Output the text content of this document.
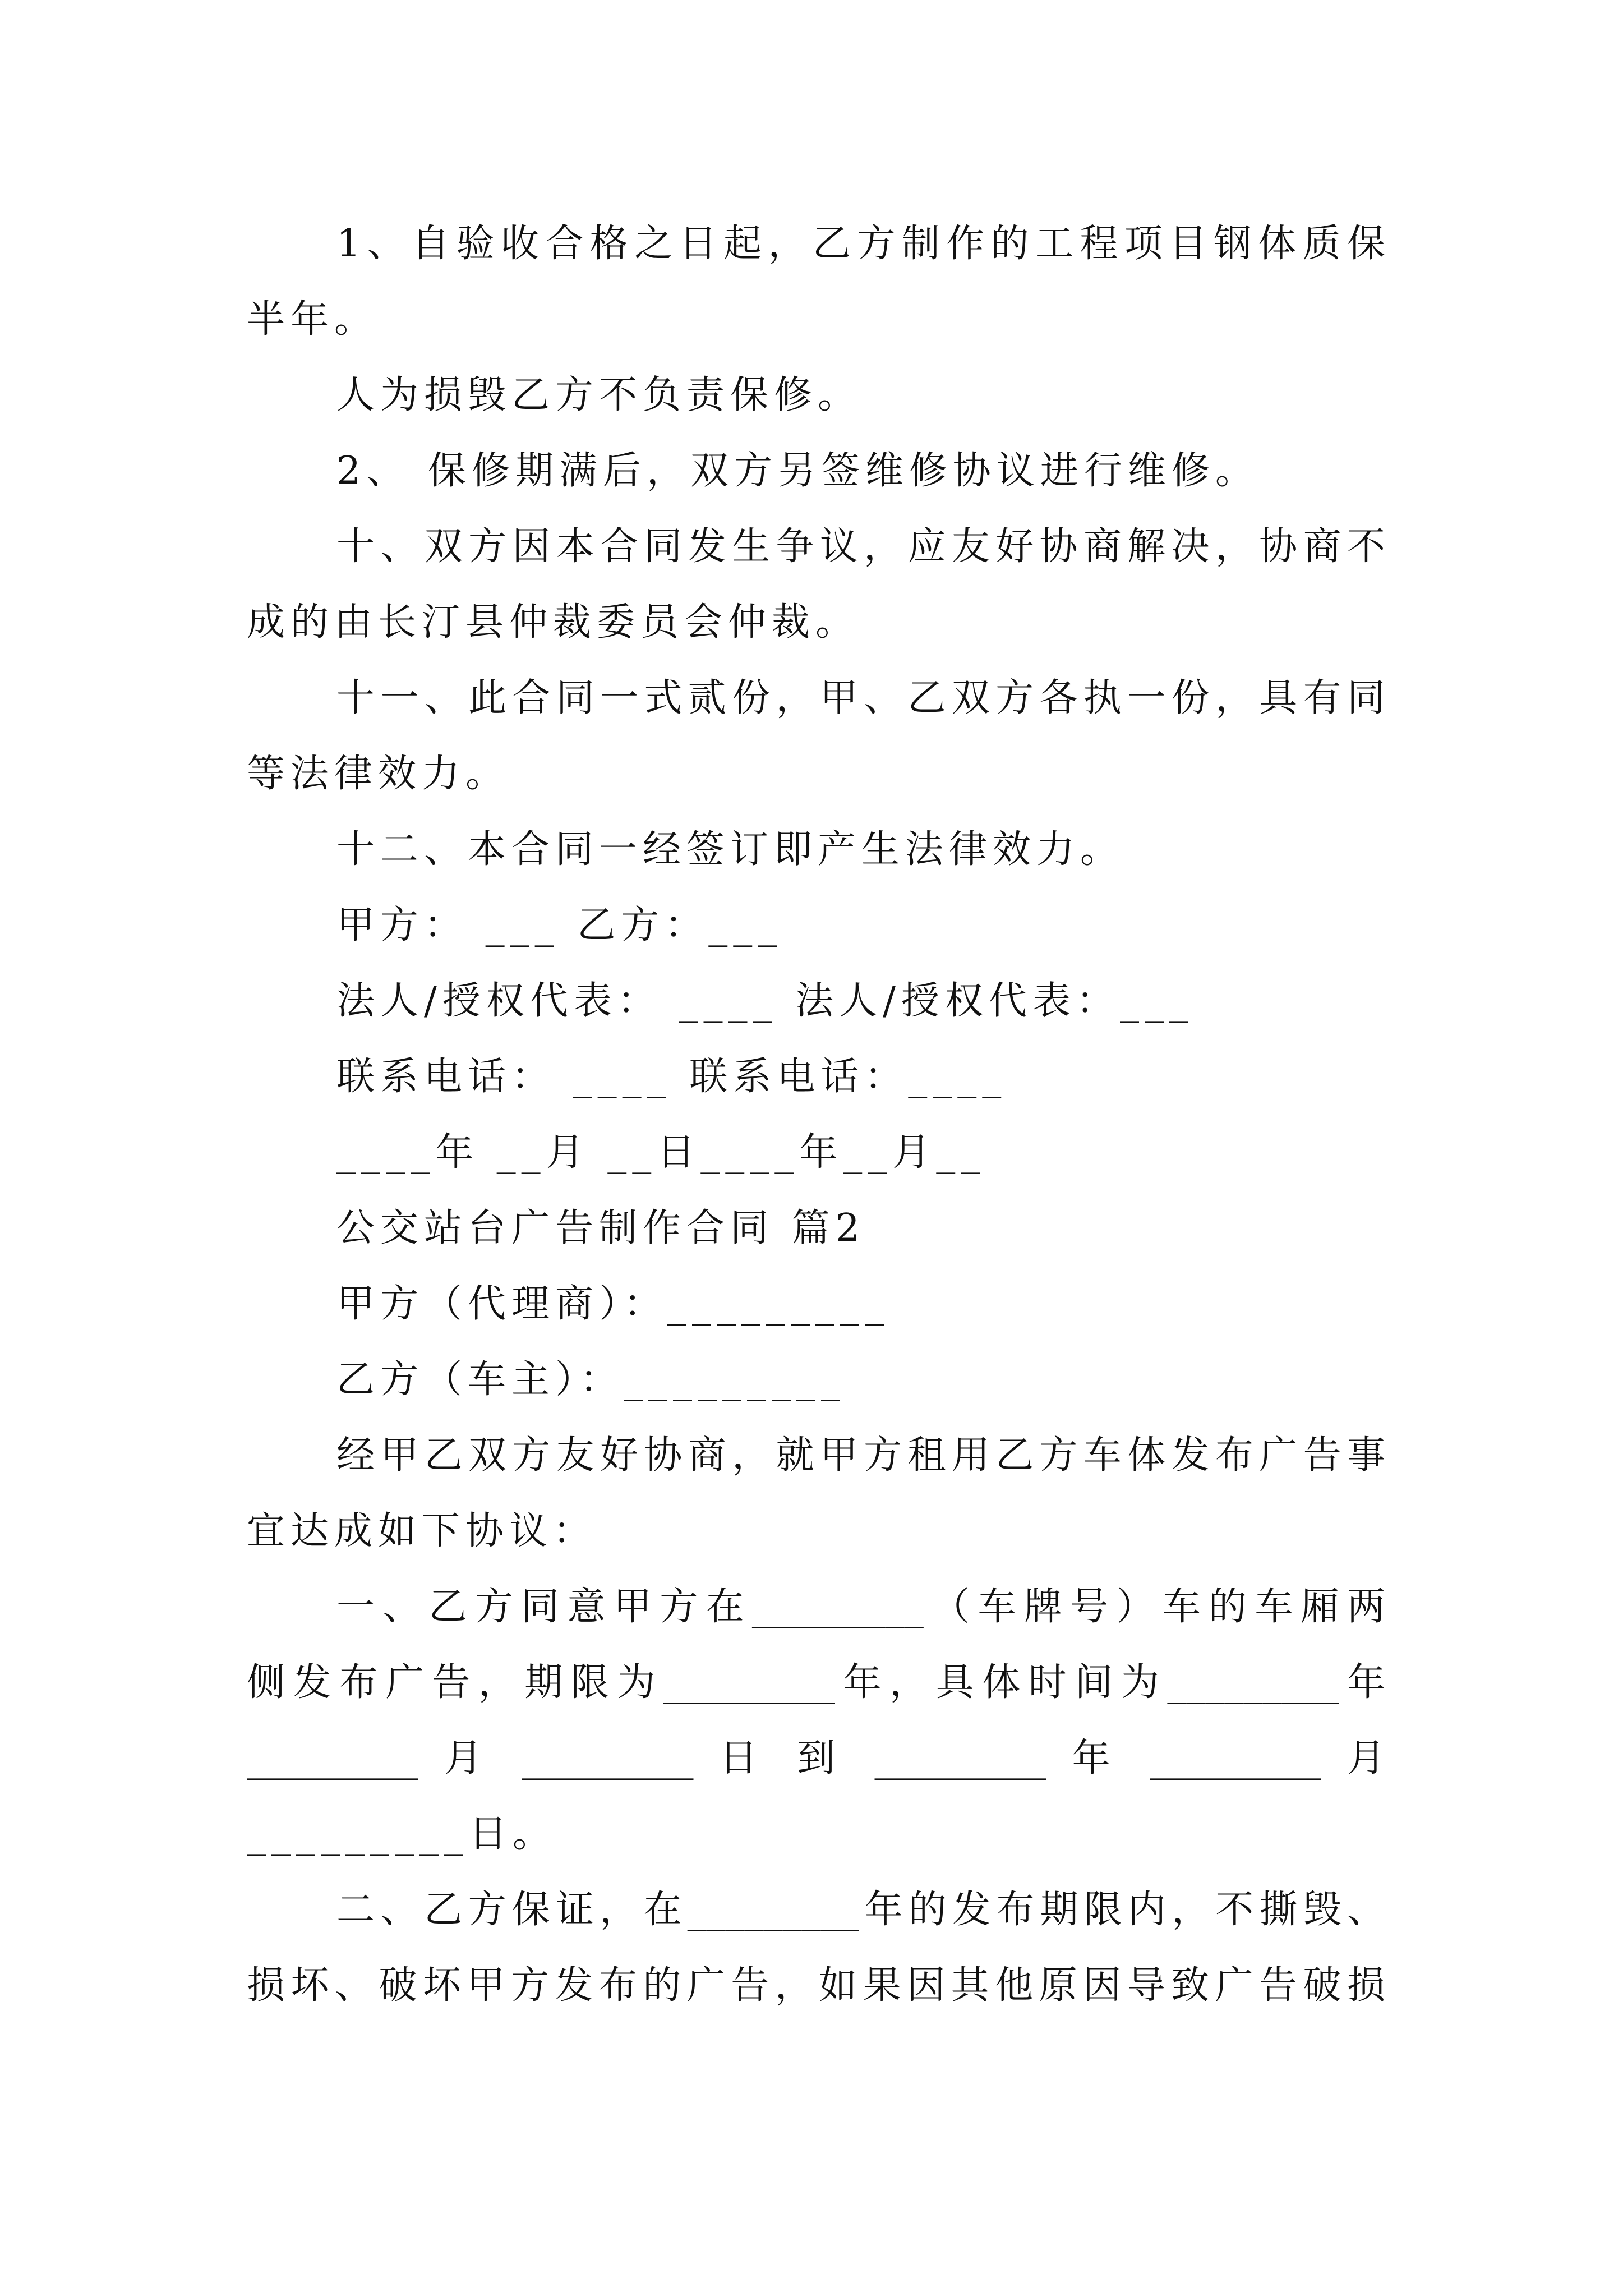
1、自验收合格之日起，乙方制作的工程项目钢体质保
半年。
人为损毁乙方不负责保修。
2、 保修期满后，双方另签维修协议进行维修。
十、双方因本合同发生争议，应友好协商解决，协商不
成的由长汀县仲裁委员会仲裁。
十一、此合同一式贰份，甲、乙双方各执一份，具有同
等法律效力。
十二、本合同一经签订即产生法律效力。
甲方： ___ 乙方：___
法人/授权代表： ____ 法人/授权代表：___
联系电话： ____ 联系电话：____
____年 __月 __日____年__月__
公交站台广告制作合同 篇2
甲方（代理商）：_________
乙方（车主）：_________
经甲乙双方友好协商，就甲方租用乙方车体发布广告事
宜达成如下协议：
一、乙方同意甲方在_________（车牌号）车的车厢两
侧发布广告，期限为_________年，具体时间为_________年
_________ 月 _________ 日 到 _________ 年 _________ 月
_________日。
二、乙方保证，在_________年的发布期限内，不撕毁、
损坏、破坏甲方发布的广告，如果因其他原因导致广告破损
